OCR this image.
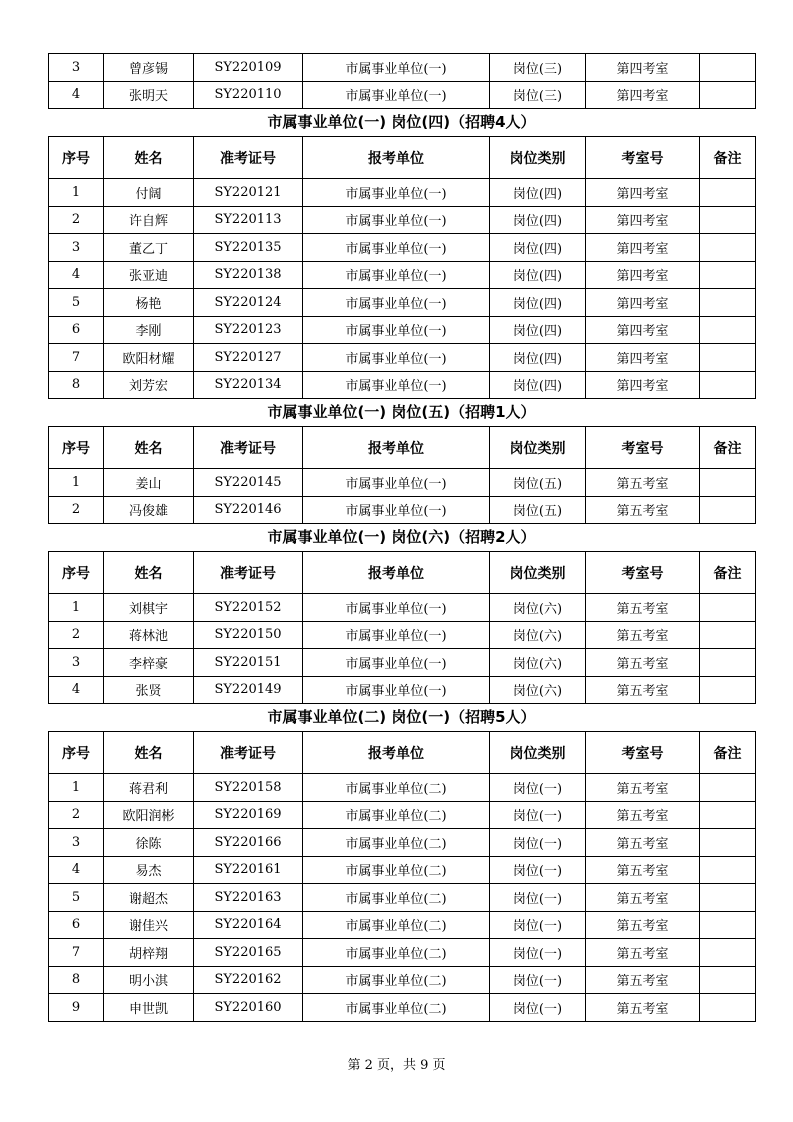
3	曾彦锡	SY220109	市属事业单位(一)	岗位(三)	第四考室	
4	张明天	SY220110	市属事业单位(一)	岗位(三)	第四考室	
市属事业单位(一) 岗位(四)（招聘4人）
序号	姓名	准考证号	报考单位	岗位类别	考室号	备注
1	付阔	SY220121	市属事业单位(一)	岗位(四)	第四考室	
2	许自辉	SY220113	市属事业单位(一)	岗位(四)	第四考室	
3	董乙丁	SY220135	市属事业单位(一)	岗位(四)	第四考室	
4	张亚迪	SY220138	市属事业单位(一)	岗位(四)	第四考室	
5	杨艳	SY220124	市属事业单位(一)	岗位(四)	第四考室	
6	李刚	SY220123	市属事业单位(一)	岗位(四)	第四考室	
7	欧阳材耀	SY220127	市属事业单位(一)	岗位(四)	第四考室	
8	刘芳宏	SY220134	市属事业单位(一)	岗位(四)	第四考室	
市属事业单位(一) 岗位(五)（招聘1人）
序号	姓名	准考证号	报考单位	岗位类别	考室号	备注
1	姜山	SY220145	市属事业单位(一)	岗位(五)	第五考室	
2	冯俊雄	SY220146	市属事业单位(一)	岗位(五)	第五考室	
市属事业单位(一) 岗位(六)（招聘2人）
序号	姓名	准考证号	报考单位	岗位类别	考室号	备注
1	刘棋宇	SY220152	市属事业单位(一)	岗位(六)	第五考室	
2	蒋林池	SY220150	市属事业单位(一)	岗位(六)	第五考室	
3	李梓豪	SY220151	市属事业单位(一)	岗位(六)	第五考室	
4	张贤	SY220149	市属事业单位(一)	岗位(六)	第五考室	
市属事业单位(二) 岗位(一)（招聘5人）
序号	姓名	准考证号	报考单位	岗位类别	考室号	备注
1	蒋君利	SY220158	市属事业单位(二)	岗位(一)	第五考室	
2	欧阳润彬	SY220169	市属事业单位(二)	岗位(一)	第五考室	
3	徐陈	SY220166	市属事业单位(二)	岗位(一)	第五考室	
4	易杰	SY220161	市属事业单位(二)	岗位(一)	第五考室	
5	谢超杰	SY220163	市属事业单位(二)	岗位(一)	第五考室	
6	谢佳兴	SY220164	市属事业单位(二)	岗位(一)	第五考室	
7	胡梓翔	SY220165	市属事业单位(二)	岗位(一)	第五考室	
8	明小淇	SY220162	市属事业单位(二)	岗位(一)	第五考室	
9	申世凯	SY220160	市属事业单位(二)	岗位(一)	第五考室	
第 2 页，共 9 页
